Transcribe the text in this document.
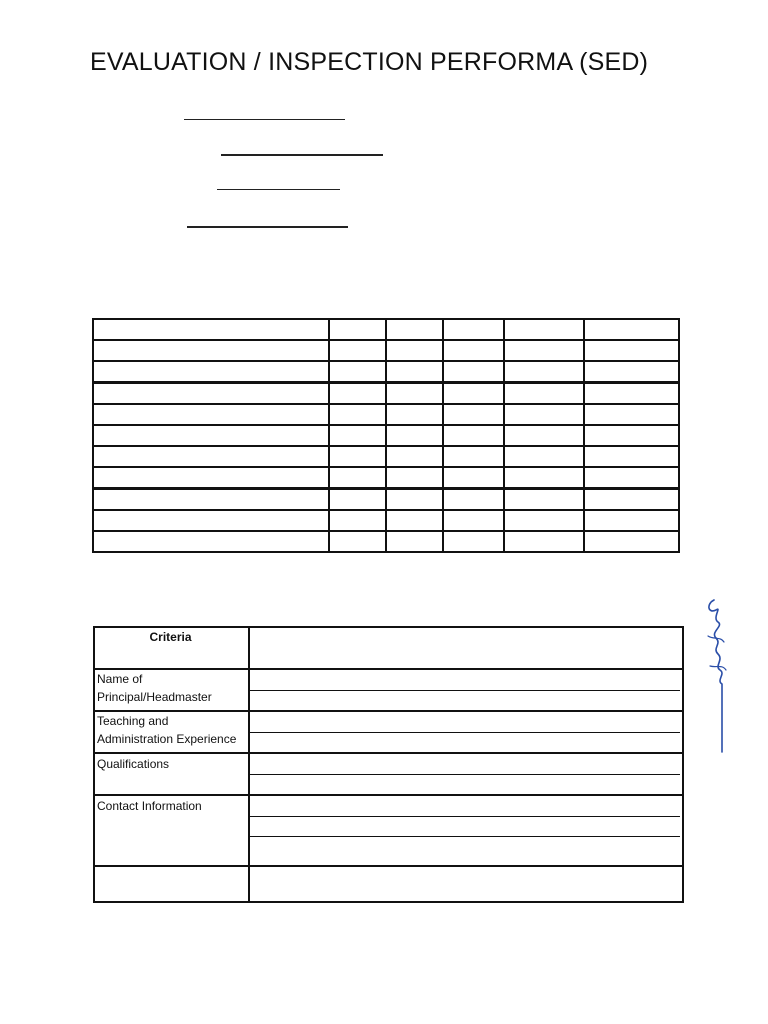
EVALUATION / INSPECTION PERFORMA (SED)

Criteria
Name of Principal/Headmaster
Teaching and Administration Experience
Qualifications
Contact Information
